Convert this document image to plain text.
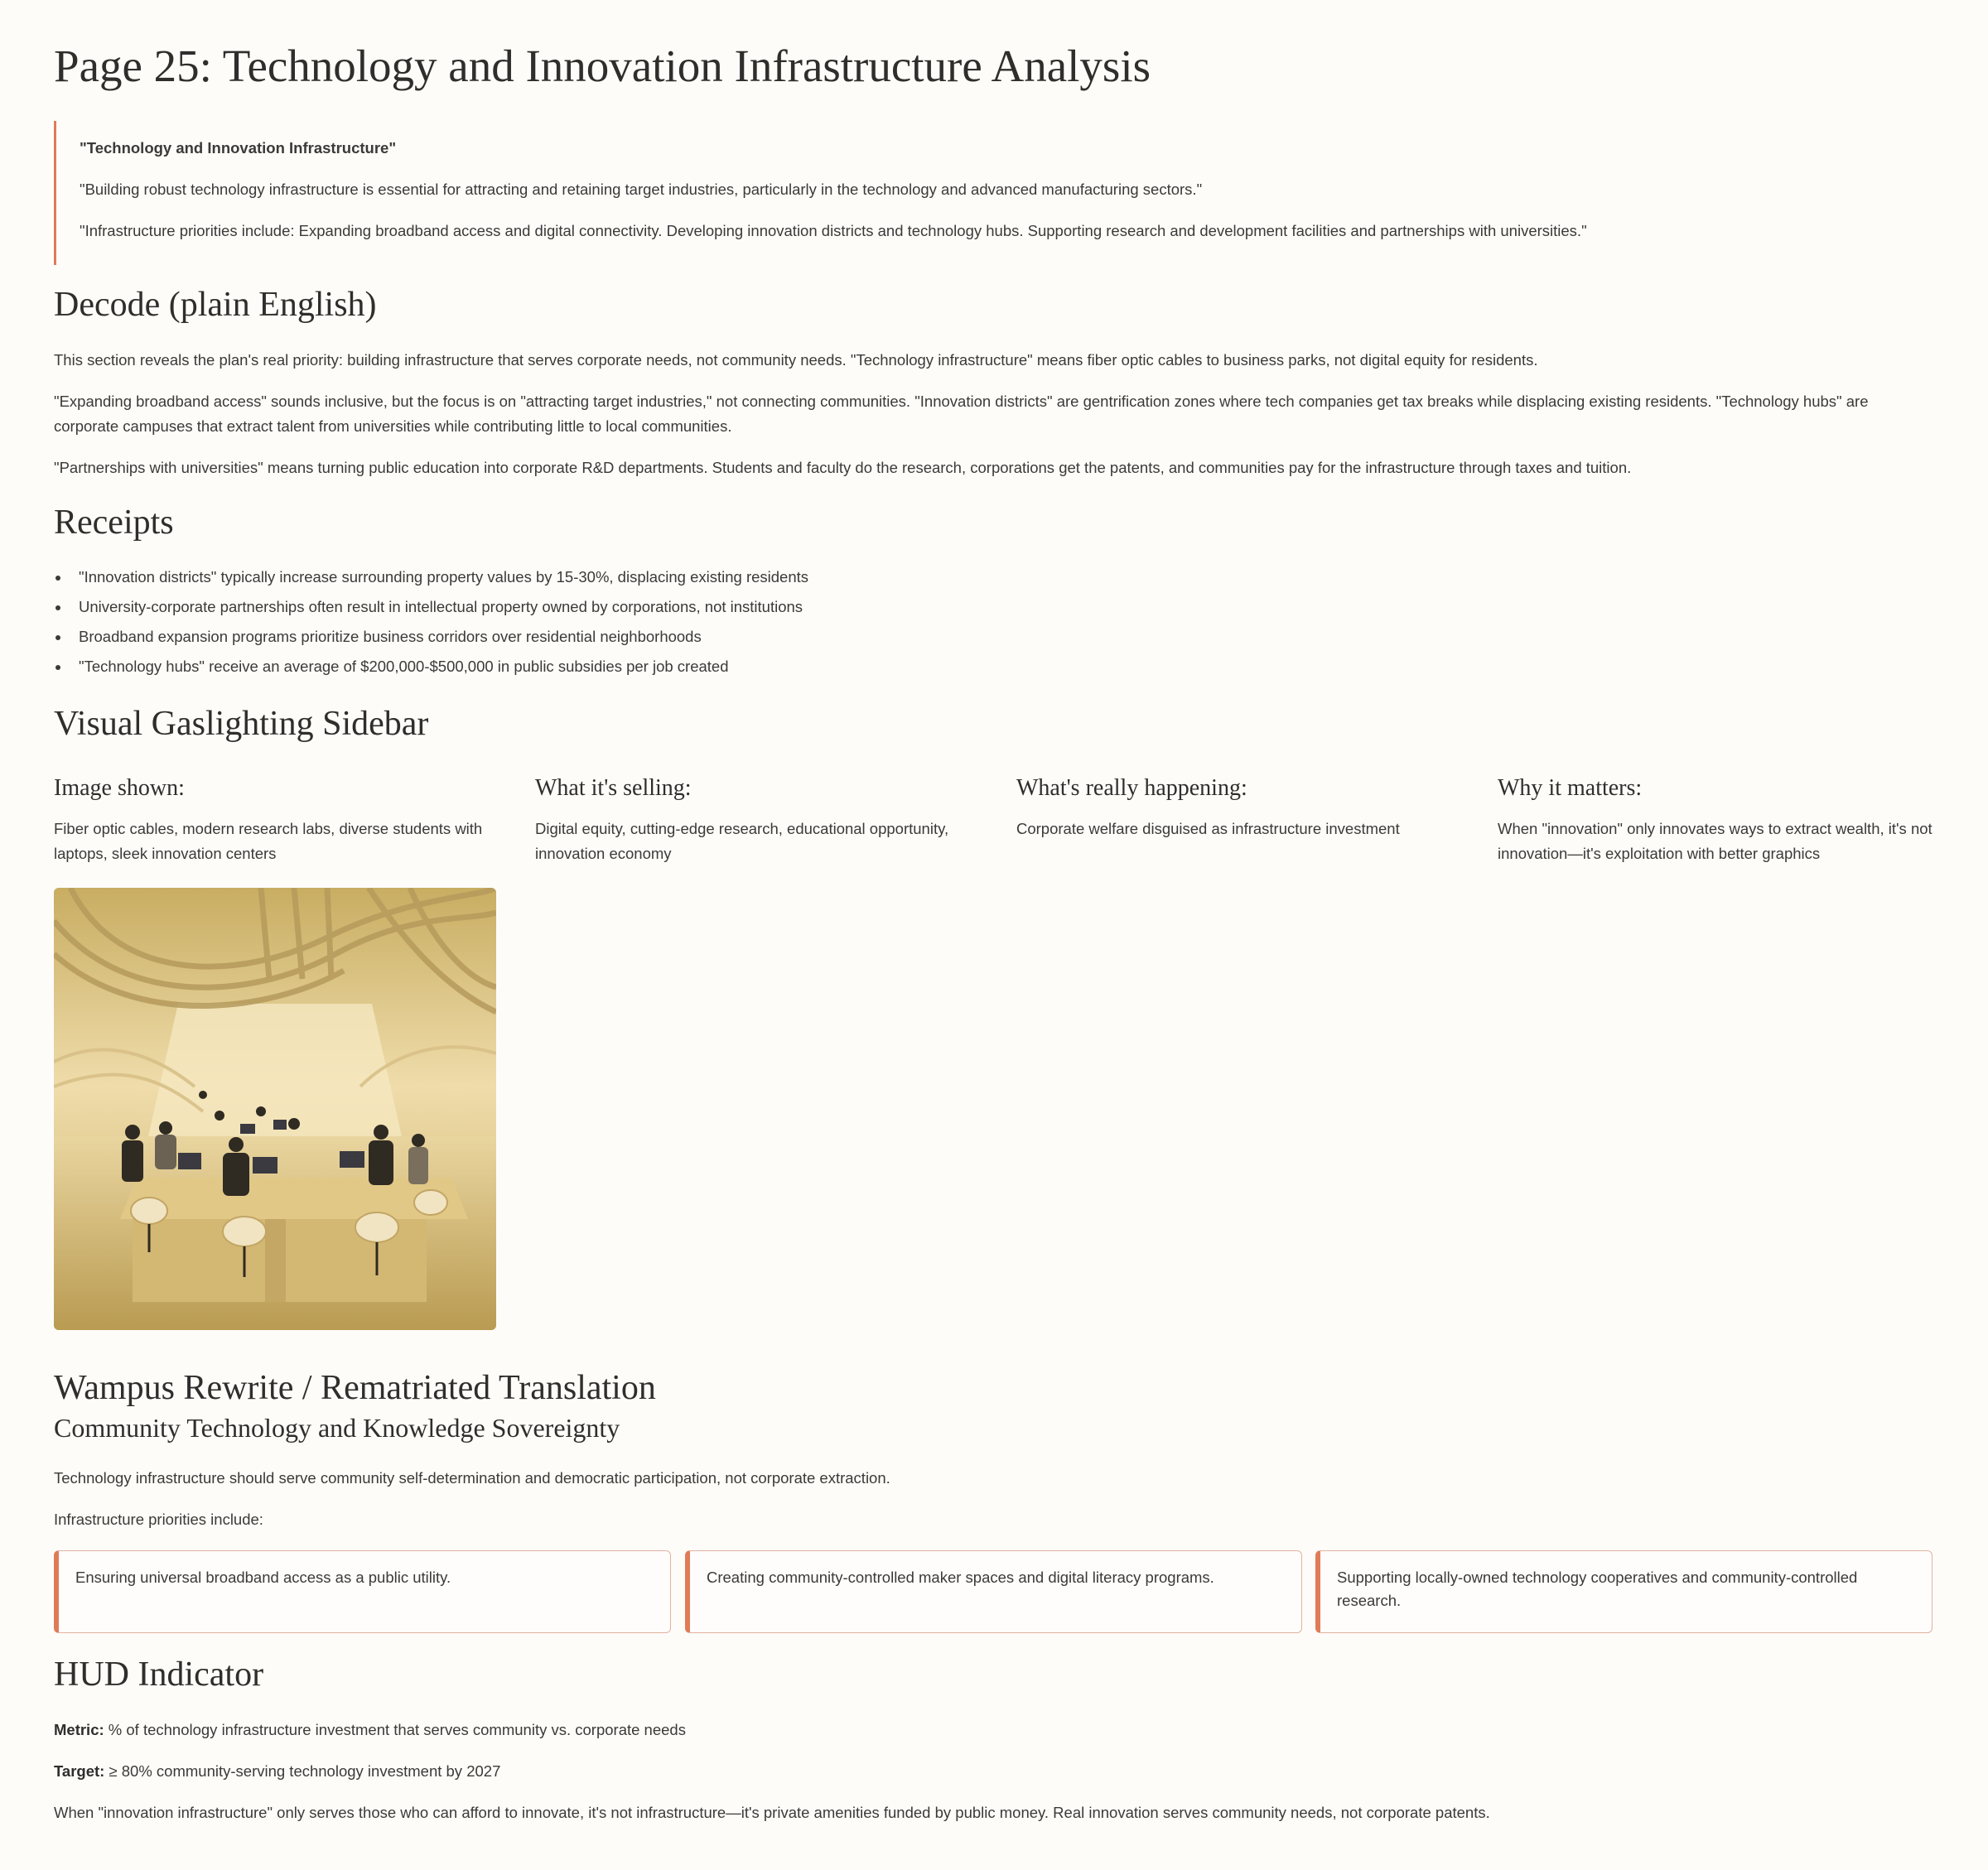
Page 25: Technology and Innovation Infrastructure Analysis

"Technology and Innovation Infrastructure"

"Building robust technology infrastructure is essential for attracting and retaining target industries, particularly in the technology and advanced manufacturing sectors."

"Infrastructure priorities include: Expanding broadband access and digital connectivity. Developing innovation districts and technology hubs. Supporting research and development facilities and partnerships with universities."

Decode (plain English)

This section reveals the plan's real priority: building infrastructure that serves corporate needs, not community needs. "Technology infrastructure" means fiber optic cables to business parks, not digital equity for residents.

"Expanding broadband access" sounds inclusive, but the focus is on "attracting target industries," not connecting communities. "Innovation districts" are gentrification zones where tech companies get tax breaks while displacing existing residents. "Technology hubs" are corporate campuses that extract talent from universities while contributing little to local communities.

"Partnerships with universities" means turning public education into corporate R&D departments. Students and faculty do the research, corporations get the patents, and communities pay for the infrastructure through taxes and tuition.

Receipts
"Innovation districts" typically increase surrounding property values by 15-30%, displacing existing residents
University-corporate partnerships often result in intellectual property owned by corporations, not institutions
Broadband expansion programs prioritize business corridors over residential neighborhoods
"Technology hubs" receive an average of $200,000-$500,000 in public subsidies per job created
Visual Gaslighting Sidebar
Image shown:

Fiber optic cables, modern research labs, diverse students with laptops, sleek innovation centers

What it's selling:

Digital equity, cutting-edge research, educational opportunity, innovation economy

What's really happening:

Corporate welfare disguised as infrastructure investment

Why it matters:

When "innovation" only innovates ways to extract wealth, it's not innovation—it's exploitation with better graphics

Wampus Rewrite / Rematriated Translation
Community Technology and Knowledge Sovereignty

Technology infrastructure should serve community self-determination and democratic participation, not corporate extraction.

Infrastructure priorities include:

Ensuring universal broadband access as a public utility.	Creating community-controlled maker spaces and digital literacy programs.	Supporting locally-owned technology cooperatives and community-controlled research.
HUD Indicator

Metric: % of technology infrastructure investment that serves community vs. corporate needs

Target: ≥ 80% community-serving technology investment by 2027

When "innovation infrastructure" only serves those who can afford to innovate, it's not infrastructure—it's private amenities funded by public money. Real innovation serves community needs, not corporate patents.
